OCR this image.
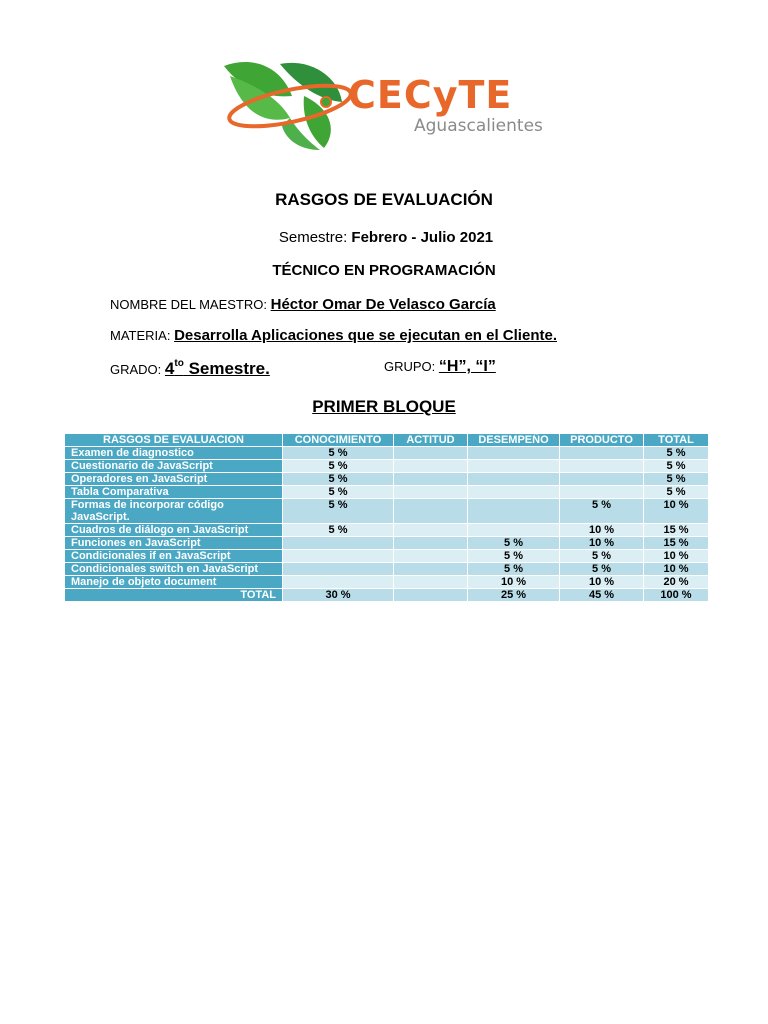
CECyTE
Aguascalientes
RASGOS DE EVALUACIÓN
Semestre: Febrero - Julio 2021
TÉCNICO EN PROGRAMACIÓN
NOMBRE DEL MAESTRO: Héctor Omar De Velasco García
MATERIA: Desarrolla Aplicaciones que se ejecutan en el Cliente.
GRADO: $4^{to}$ Semestre.	GRUPO: “H”, “I”
PRIMER BLOQUE
RASGOS DE EVALUACION	CONOCIMIENTO	ACTITUD	DESEMPEÑO	PRODUCTO	TOTAL
Examen de diagnostico	5 %				5 %
Cuestionario de JavaScript	5 %				5 %
Operadores en JavaScript	5 %				5 %
Tabla Comparativa	5 %				5 %
Formas de incorporar código JavaScript.	5 %			5 %	10 %
Cuadros de diálogo en JavaScript	5 %			10 %	15 %
Funciones en JavaScript			5 %	10 %	15 %
Condicionales if en JavaScript			5 %	5 %	10 %
Condicionales switch en JavaScript			5 %	5 %	10 %
Manejo de objeto document			10 %	10 %	20 %
TOTAL	30 %		25 %	45 %	100 %
